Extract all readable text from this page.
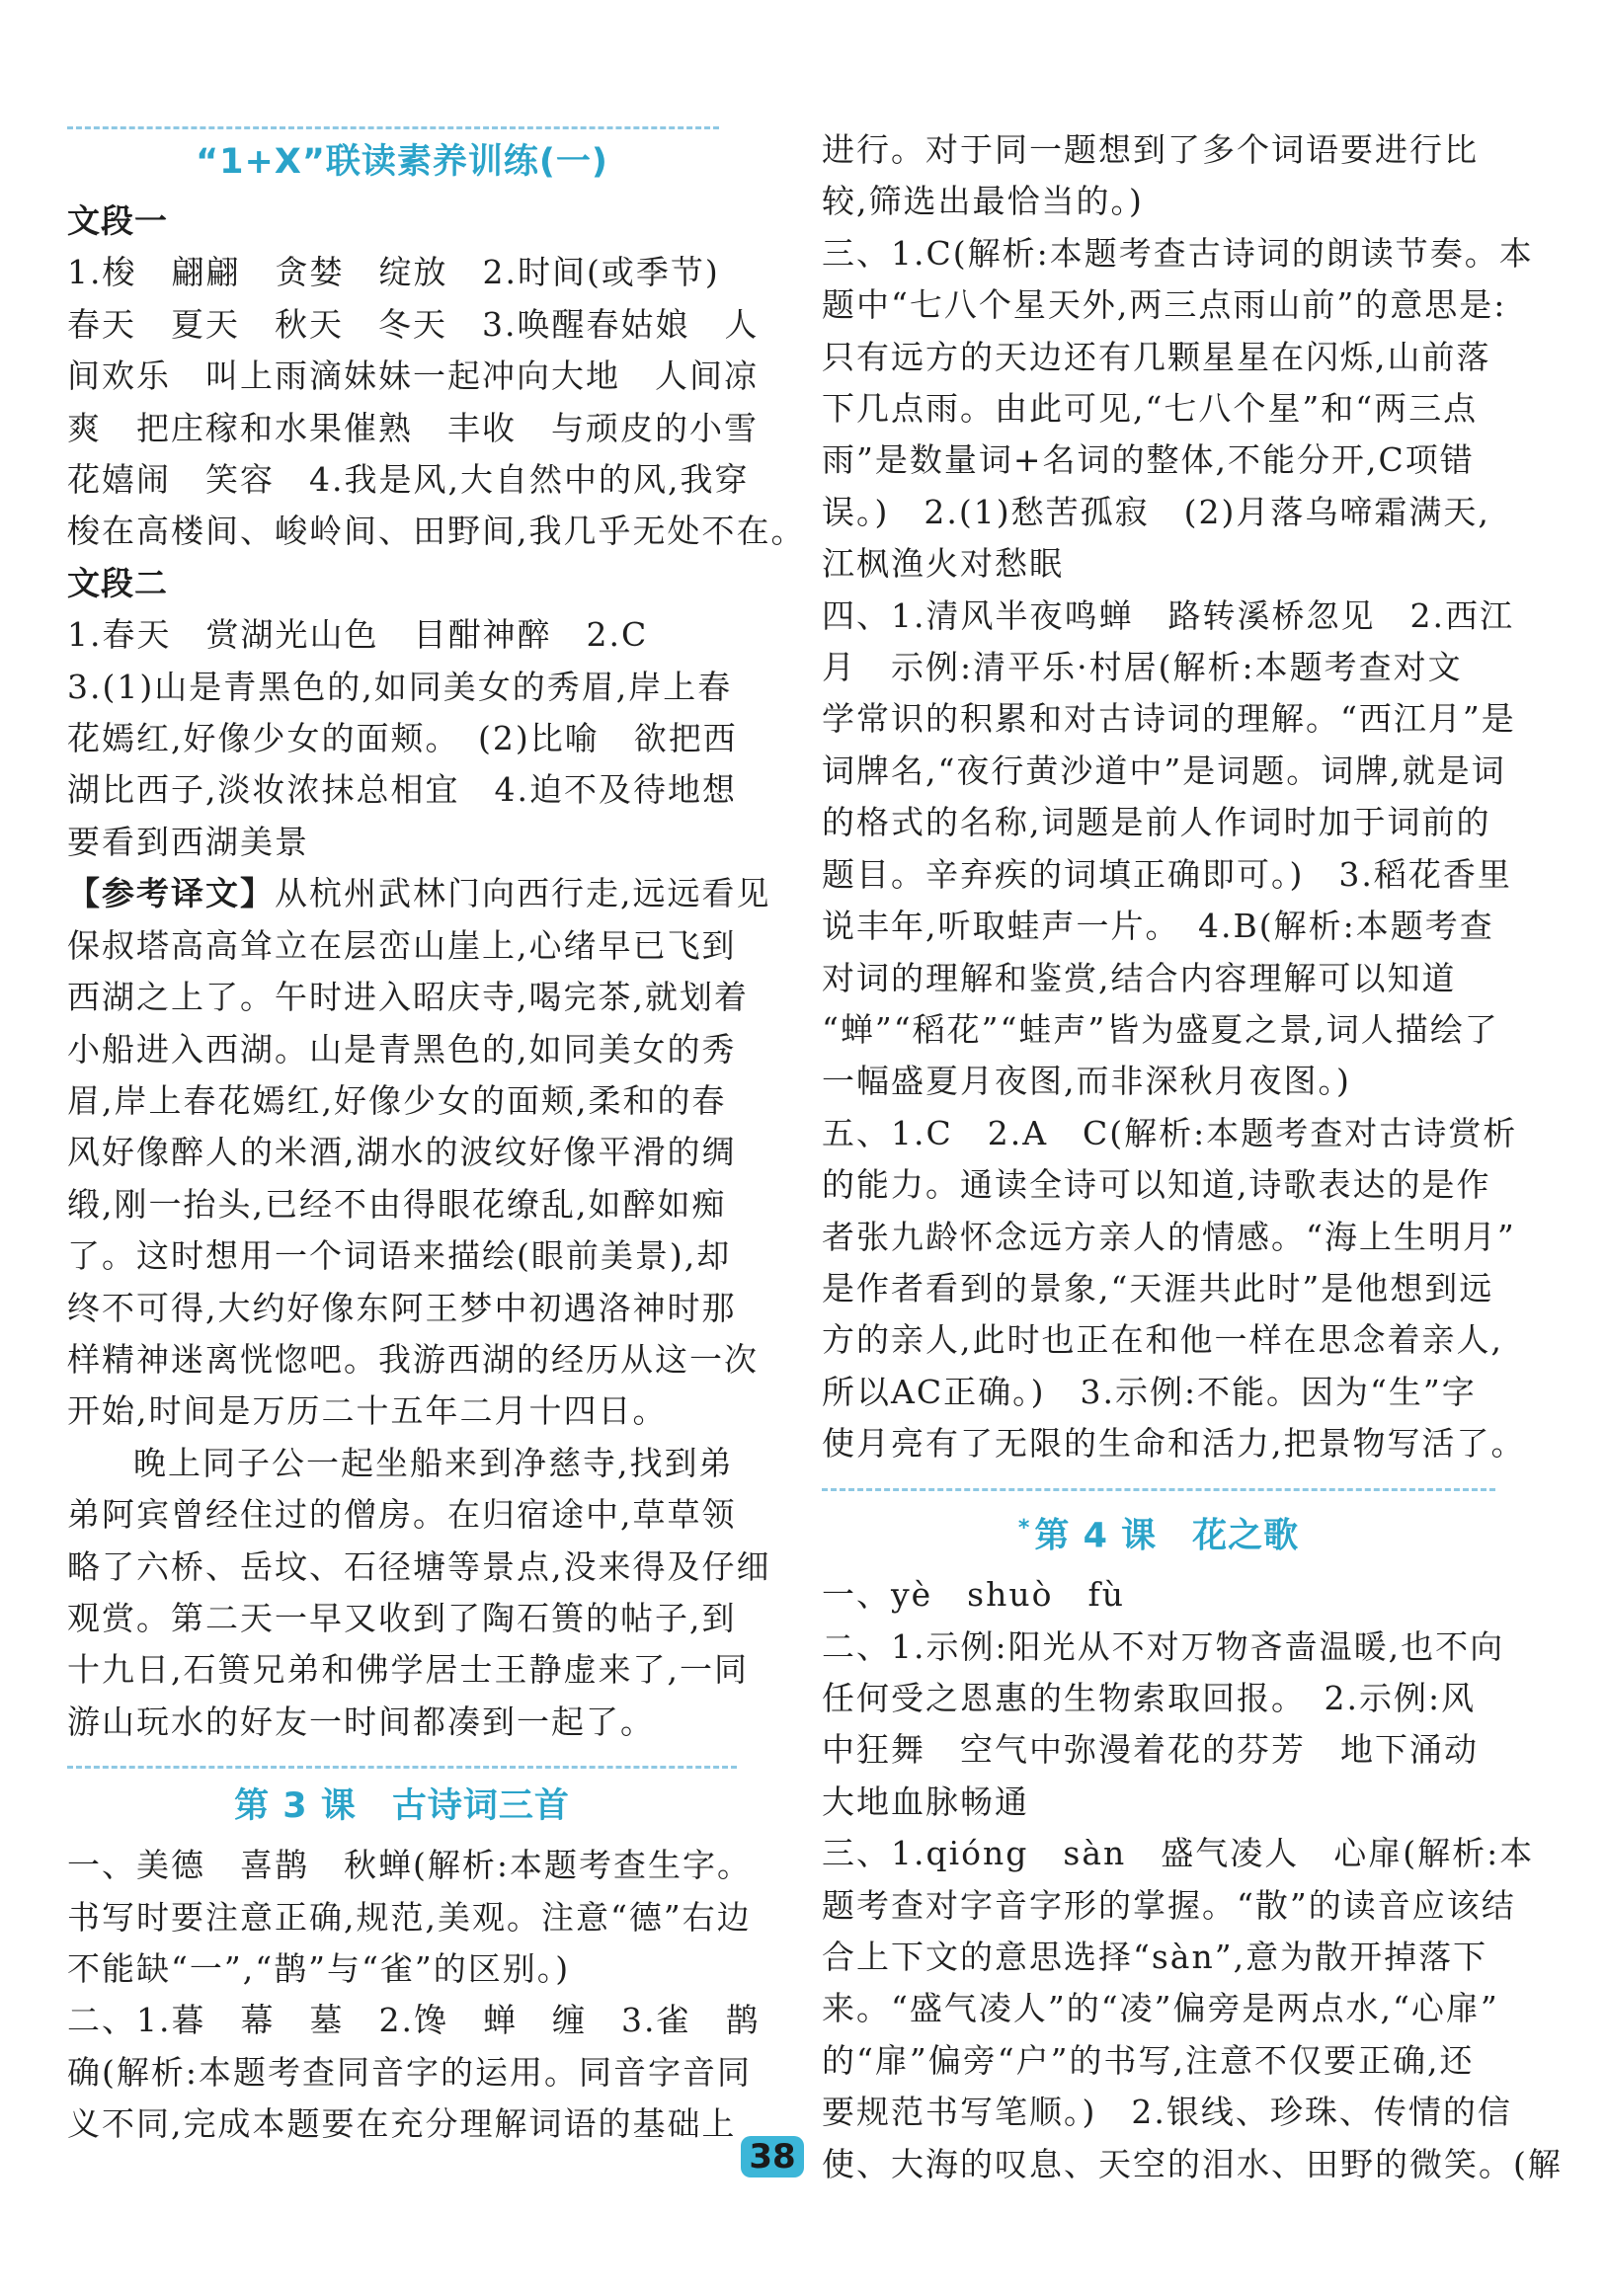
“1+X”联读素养训练(一)
文段一
1.梭　翩翩　贪婪　绽放　2.时间(或季节)
春天　夏天　秋天　冬天　3.唤醒春姑娘　人
间欢乐　叫上雨滴妹妹一起冲向大地　人间凉
爽　把庄稼和水果催熟　丰收　与顽皮的小雪
花嬉闹　笑容　4.我是风,大自然中的风,我穿
梭在高楼间、峻岭间、田野间,我几乎无处不在。
文段二
1.春天　赏湖光山色　目酣神醉　2.C
3.(1)山是青黑色的,如同美女的秀眉,岸上春
花嫣红,好像少女的面颊。　(2)比喻　欲把西
湖比西子,淡妆浓抹总相宜　4.迫不及待地想
要看到西湖美景
【参考译文】从杭州武林门向西行走,远远看见
保叔塔高高耸立在层峦山崖上,心绪早已飞到
西湖之上了。午时进入昭庆寺,喝完茶,就划着
小船进入西湖。山是青黑色的,如同美女的秀
眉,岸上春花嫣红,好像少女的面颊,柔和的春
风好像醉人的米酒,湖水的波纹好像平滑的绸
缎,刚一抬头,已经不由得眼花缭乱,如醉如痴
了。这时想用一个词语来描绘(眼前美景),却
终不可得,大约好像东阿王梦中初遇洛神时那
样精神迷离恍惚吧。我游西湖的经历从这一次
开始,时间是万历二十五年二月十四日。
晚上同子公一起坐船来到净慈寺,找到弟
弟阿宾曾经住过的僧房。在归宿途中,草草领
略了六桥、岳坟、石径塘等景点,没来得及仔细
观赏。第二天一早又收到了陶石篑的帖子,到
十九日,石篑兄弟和佛学居士王静虚来了,一同
游山玩水的好友一时间都凑到一起了。
第 3 课　古诗词三首
一、美德　喜鹊　秋蝉(解析:本题考查生字。
书写时要注意正确,规范,美观。注意“德”右边
不能缺“一”,“鹊”与“雀”的区别。)
二、1.暮　幕　墓　2.馋　蝉　缠　3.雀　鹊
确(解析:本题考查同音字的运用。同音字音同
义不同,完成本题要在充分理解词语的基础上
进行。对于同一题想到了多个词语要进行比
较,筛选出最恰当的。)
三、1.C(解析:本题考查古诗词的朗读节奏。本
题中“七八个星天外,两三点雨山前”的意思是:
只有远方的天边还有几颗星星在闪烁,山前落
下几点雨。由此可见,“七八个星”和“两三点
雨”是数量词+名词的整体,不能分开,C项错
误。)　2.(1)愁苦孤寂　(2)月落乌啼霜满天,
江枫渔火对愁眠
四、1.清风半夜鸣蝉　路转溪桥忽见　2.西江
月　示例:清平乐·村居(解析:本题考查对文
学常识的积累和对古诗词的理解。“西江月”是
词牌名,“夜行黄沙道中”是词题。词牌,就是词
的格式的名称,词题是前人作词时加于词前的
题目。辛弃疾的词填正确即可。)　3.稻花香里
说丰年,听取蛙声一片。　4.B(解析:本题考查
对词的理解和鉴赏,结合内容理解可以知道
“蝉”“稻花”“蛙声”皆为盛夏之景,词人描绘了
一幅盛夏月夜图,而非深秋月夜图。)
五、1.C　2.A　C(解析:本题考查对古诗赏析
的能力。通读全诗可以知道,诗歌表达的是作
者张九龄怀念远方亲人的情感。“海上生明月”
是作者看到的景象,“天涯共此时”是他想到远
方的亲人,此时也正在和他一样在思念着亲人,
所以AC正确。)　3.示例:不能。因为“生”字
使月亮有了无限的生命和活力,把景物写活了。
* 第 4 课　花之歌
一、yè　shuò　fù
二、1.示例:阳光从不对万物吝啬温暖,也不向
任何受之恩惠的生物索取回报。　2.示例:风
中狂舞　空气中弥漫着花的芬芳　地下涌动
大地血脉畅通
三、1.qióng　sàn　盛气凌人　心扉(解析:本
题考查对字音字形的掌握。“散”的读音应该结
合上下文的意思选择“sàn”,意为散开掉落下
来。“盛气凌人”的“凌”偏旁是两点水,“心扉”
的“扉”偏旁“户”的书写,注意不仅要正确,还
要规范书写笔顺。)　2.银线、珍珠、传情的信
使、大海的叹息、天空的泪水、田野的微笑。(解
38
